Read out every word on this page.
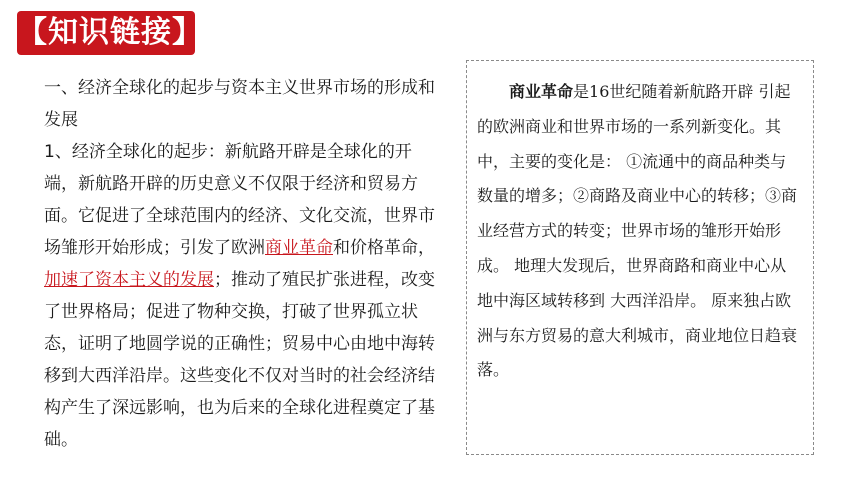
【知识链接】

一、经济全球化的起步与资本主义世界市场的形成和发展

1、经济全球化的起步：新航路开辟是全球化的开端，新航路开辟的历史意义不仅限于经济和贸易方面。它促进了全球范围内的经济、文化交流，世界市场雏形开始形成；引发了欧洲商业革命和价格革命，加速了资本主义的发展；推动了殖民扩张进程，改变了世界格局；促进了物种交换，打破了世界孤立状态，证明了地圆学说的正确性；贸易中心由地中海转移到大西洋沿岸。这些变化不仅对当时的社会经济结构产生了深远影响，也为后来的全球化进程奠定了基础。

商业革命是16世纪随着新航路开辟 引起的欧洲商业和世界市场的一系列新变化。其中，主要的变化是： ①流通中的商品种类与数量的增多；②商路及商业中心的转移；③商业经营方式的转变；世界市场的雏形开始形成。 地理大发现后，世界商路和商业中心从地中海区域转移到 大西洋沿岸。 原来独占欧洲与东方贸易的意大利城市，商业地位日趋衰落。
